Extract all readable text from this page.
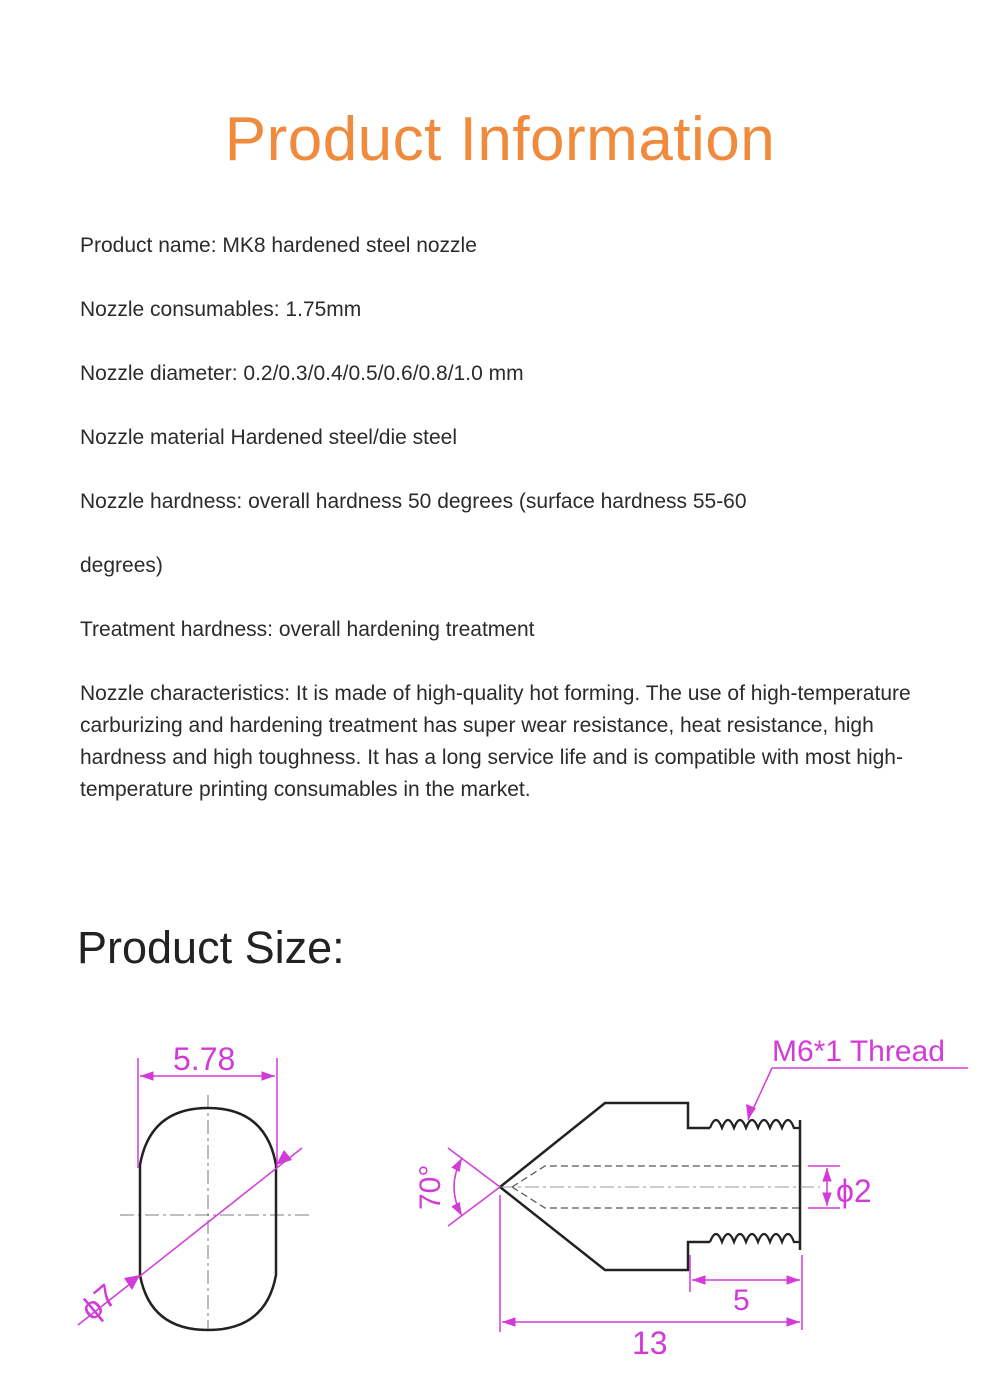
Product Information
Product name: MK8 hardened steel nozzle
Nozzle consumables: 1.75mm
Nozzle diameter: 0.2/0.3/0.4/0.5/0.6/0.8/1.0 mm
Nozzle material Hardened steel/die steel
Nozzle hardness: overall hardness 50 degrees (surface hardness 55-60
degrees)
Treatment hardness: overall hardening treatment
Nozzle characteristics: It is made of high-quality hot forming. The use of high-temperature carburizing and hardening treatment has super wear resistance, heat resistance, high hardness and high toughness. It has a long service life and is compatible with most high-temperature printing consumables in the market.
Product Size:
5.78
ϕ7
70°	ϕ2
M6*1 Thread
5
13
